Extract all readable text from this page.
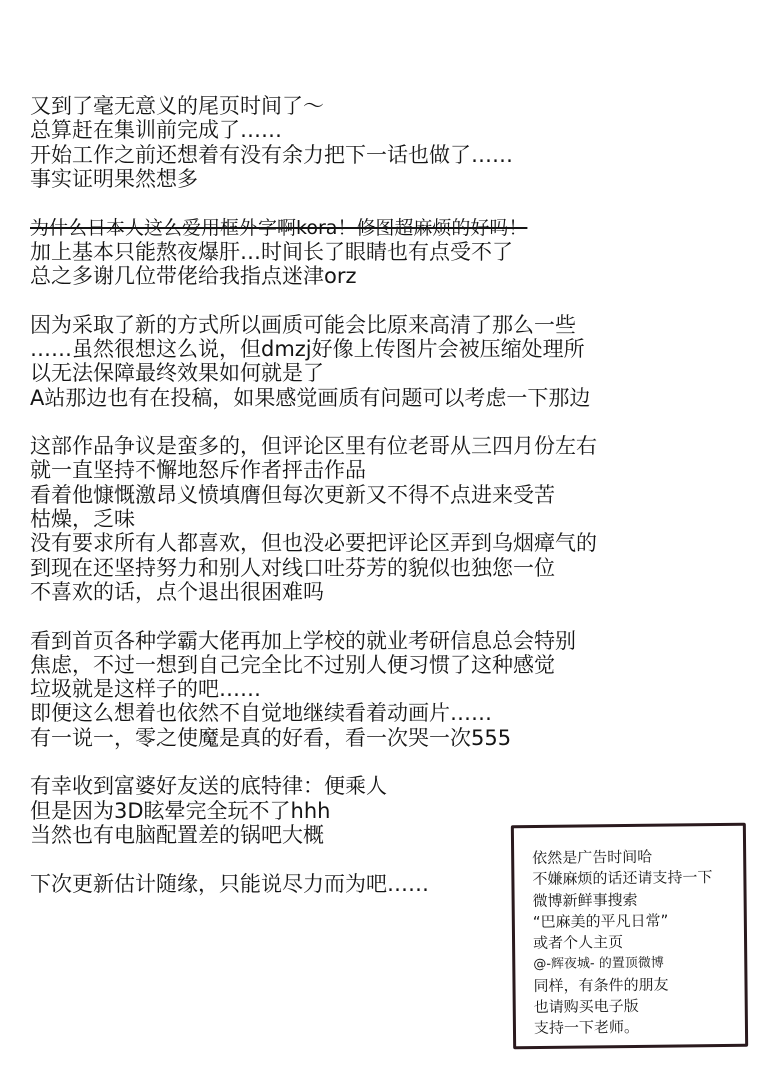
又到了毫无意义的尾页时间了～
总算赶在集训前完成了……
开始工作之前还想着有没有余力把下一话也做了……
事实证明果然想多
为什么日本人这么爱用框外字啊kora！修图超麻烦的好吗！
加上基本只能熬夜爆肝…时间长了眼睛也有点受不了
总之多谢几位带佬给我指点迷津orz
因为采取了新的方式所以画质可能会比原来高清了那么一些
……虽然很想这么说，但dmzj好像上传图片会被压缩处理所
以无法保障最终效果如何就是了
A站那边也有在投稿，如果感觉画质有问题可以考虑一下那边
这部作品争议是蛮多的，但评论区里有位老哥从三四月份左右
就一直坚持不懈地怒斥作者抨击作品
看着他慷慨激昂义愤填膺但每次更新又不得不点进来受苦
枯燥，乏味
没有要求所有人都喜欢，但也没必要把评论区弄到乌烟瘴气的
到现在还坚持努力和别人对线口吐芬芳的貌似也独您一位
不喜欢的话，点个退出很困难吗
看到首页各种学霸大佬再加上学校的就业考研信息总会特别
焦虑，不过一想到自己完全比不过别人便习惯了这种感觉
垃圾就是这样子的吧……
即便这么想着也依然不自觉地继续看着动画片……
有一说一，零之使魔是真的好看，看一次哭一次555
有幸收到富婆好友送的底特律：便乘人
但是因为3D眩晕完全玩不了hhh
当然也有电脑配置差的锅吧大概
下次更新估计随缘，只能说尽力而为吧……
依然是广告时间哈
不嫌麻烦的话还请支持一下
微博新鲜事搜索
“巴麻美的平凡日常”
或者个人主页
@-辉夜城- 的置顶微博
同样，有条件的朋友
也请购买电子版
支持一下老师。
